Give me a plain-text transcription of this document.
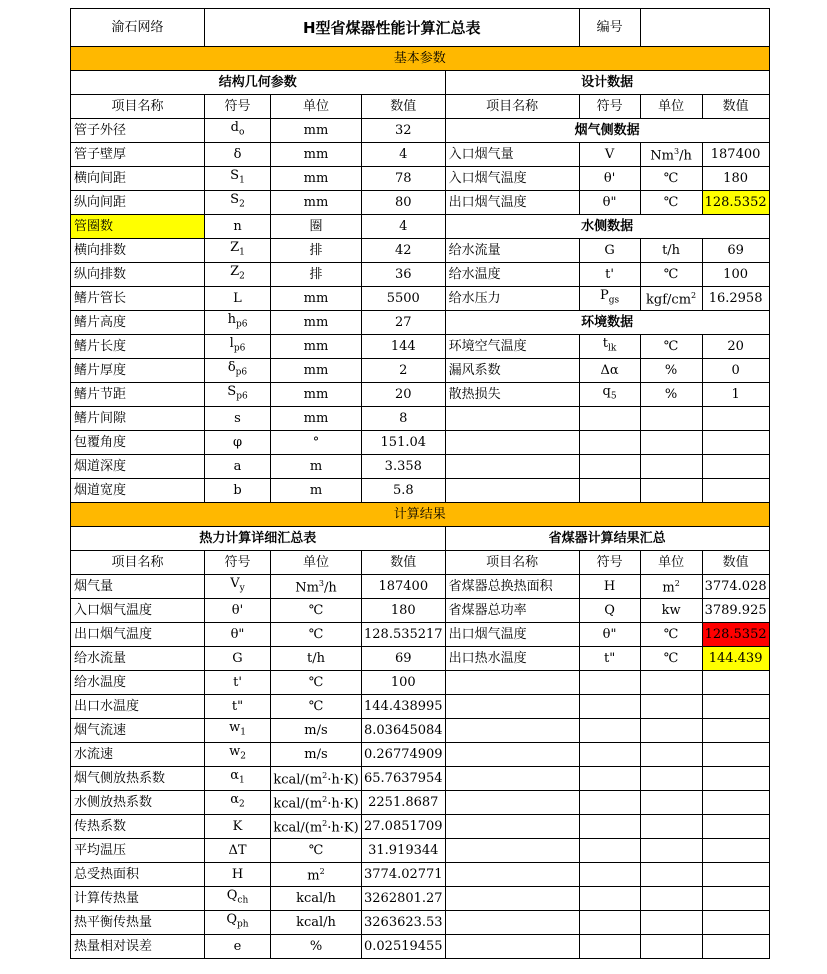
渝石网络	H型省煤器性能计算汇总表				编号		
基本参数							
结构几何参数				设计数据			
项目名称	符号	单位	数值	项目名称	符号	单位	数值
管子外径	$d_o$	mm	32	烟气侧数据			
管子壁厚	δ	mm	4	入口烟气量	V	Nm$^3$/h	187400
横向间距	$S_1$	mm	78	入口烟气温度	θ'	℃	180
纵向间距	$S_2$	mm	80	出口烟气温度	θ"	℃	128.5352
管圈数	n	圈	4	水侧数据			
横向排数	$Z_1$	排	42	给水流量	G	t/h	69
纵向排数	$Z_2$	排	36	给水温度	t'	℃	100
鳍片管长	L	mm	5500	给水压力	$P_{gs}$	kgf/$cm^2$	16.2958
鳍片高度	$h_{p6}$	mm	27	环境数据			
鳍片长度	$l_{p6}$	mm	144	环境空气温度	$t_{lk}$	℃	20
鳍片厚度	$\delta_{p6}$	mm	2	漏风系数	Δα	%	0
鳍片节距	$S_{p6}$	mm	20	散热损失	$q_5$	%	1
鳍片间隙	s	mm	8				
包覆角度	φ	°	151.04				
烟道深度	a	m	3.358				
烟道宽度	b	m	5.8				
计算结果							
热力计算详细汇总表				省煤器计算结果汇总			
项目名称	符号	单位	数值	项目名称	符号	单位	数值
烟气量	$V_y$	Nm$^3$/h	187400	省煤器总换热面积	H	$m^2$	3774.028
入口烟气温度	θ'	℃	180	省煤器总功率	Q	kw	3789.925
出口烟气温度	θ"	℃	128.535217	出口烟气温度	θ"	℃	128.5352
给水流量	G	t/h	69	出口热水温度	t"	℃	144.439
给水温度	t'	℃	100				
出口水温度	t"	℃	144.438995				
烟气流速	$w_1$	m/s	8.03645084				
水流速	$w_2$	m/s	0.26774909				
烟气侧放热系数	$\alpha_1$	kcal/$(m^2\cdot h\cdot K)$	65.7637954				
水侧放热系数	$\alpha_2$	kcal/$(m^2\cdot h\cdot K)$	2251.8687				
传热系数	K	kcal/$(m^2\cdot h\cdot K)$	27.0851709				
平均温压	ΔT	℃	31.919344				
总受热面积	H	$m^2$	3774.02771				
计算传热量	$Q_{ch}$	kcal/h	3262801.27				
热平衡传热量	$Q_{ph}$	kcal/h	3263623.53				
热量相对误差	e	%	0.02519455				
